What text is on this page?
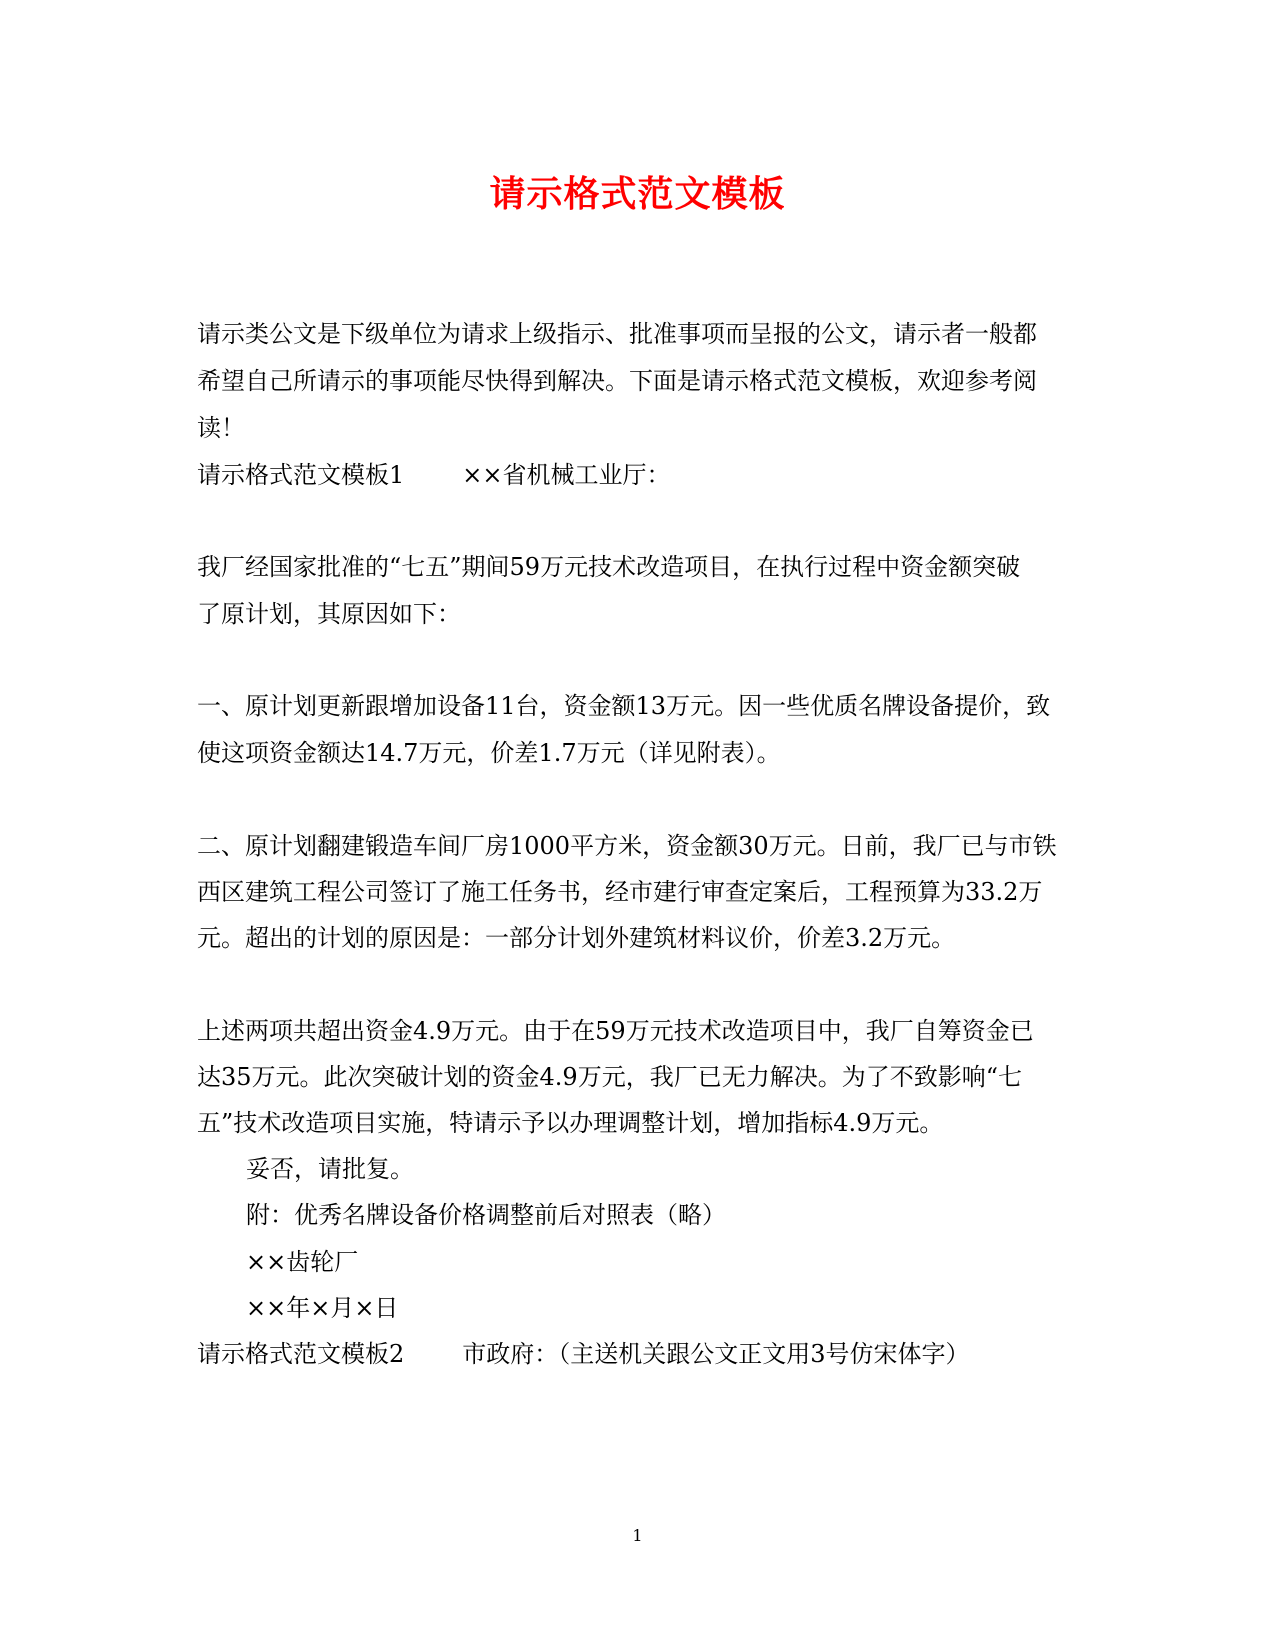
请示格式范文模板
请示类公文是下级单位为请求上级指示、批准事项而呈报的公文，请示者一般都
希望自己所请示的事项能尽快得到解决。下面是请示格式范文模板，欢迎参考阅
读！
请示格式范文模板1 ××省机械工业厅：
我厂经国家批准的“七五”期间59万元技术改造项目，在执行过程中资金额突破
了原计划，其原因如下：
一、原计划更新跟增加设备11台，资金额13万元。因一些优质名牌设备提价，致
使这项资金额达14.7万元，价差1.7万元（详见附表）。
二、原计划翻建锻造车间厂房1000平方米，资金额30万元。日前，我厂已与市铁
西区建筑工程公司签订了施工任务书，经市建行审查定案后，工程预算为33.2万
元。超出的计划的原因是：一部分计划外建筑材料议价，价差3.2万元。
上述两项共超出资金4.9万元。由于在59万元技术改造项目中，我厂自筹资金已
达35万元。此次突破计划的资金4.9万元，我厂已无力解决。为了不致影响“七
五”技术改造项目实施，特请示予以办理调整计划，增加指标4.9万元。
妥否，请批复。
附：优秀名牌设备价格调整前后对照表（略）
××齿轮厂
××年×月×日
请示格式范文模板2 市政府：（主送机关跟公文正文用3号仿宋体字）
1
